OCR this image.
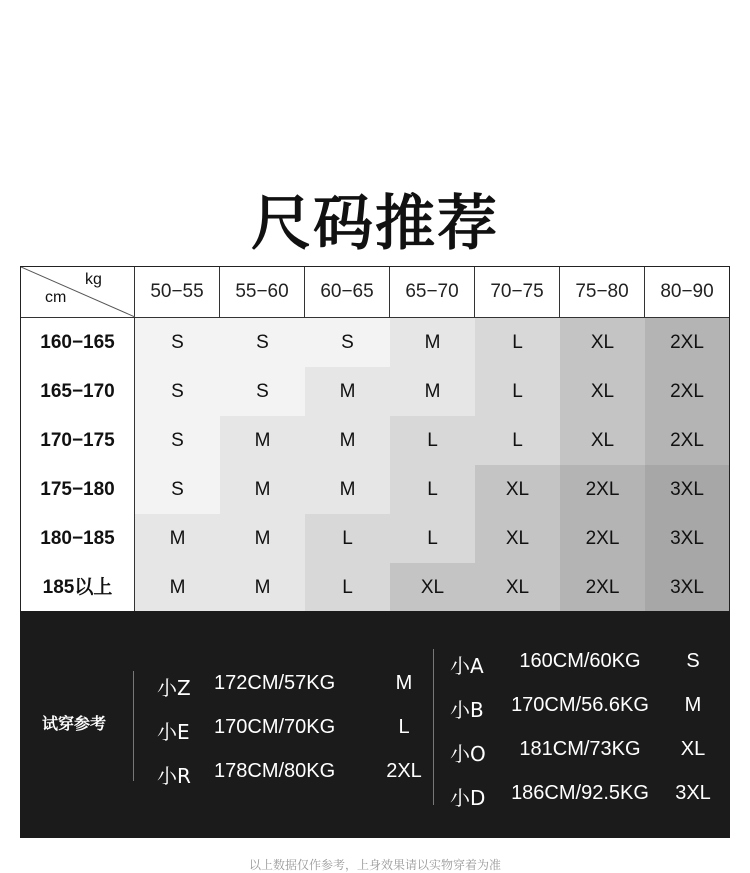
尺码推荐
kg
cm	50−55	55−60	60−65	65−70	70−75	75−80	80−90
160−165	S	S	S	M	L	XL	2XL
165−170	S	S	M	M	L	XL	2XL
170−175	S	M	M	L	L	XL	2XL
175−180	S	M	M	L	XL	2XL	3XL
180−185	M	M	L	L	XL	2XL	3XL
185以上	M	M	L	XL	XL	2XL	3XL
试穿参考
小Z 172CM/57KG	M
小E 170CM/70KG	L
小R 178CM/80KG	2XL
小A	160CM/60KG	S
小B	170CM/56.6KG	M
小O	181CM/73KG	XL
小D	186CM/92.5KG	3XL
以上数据仅作参考，上身效果请以实物穿着为准
